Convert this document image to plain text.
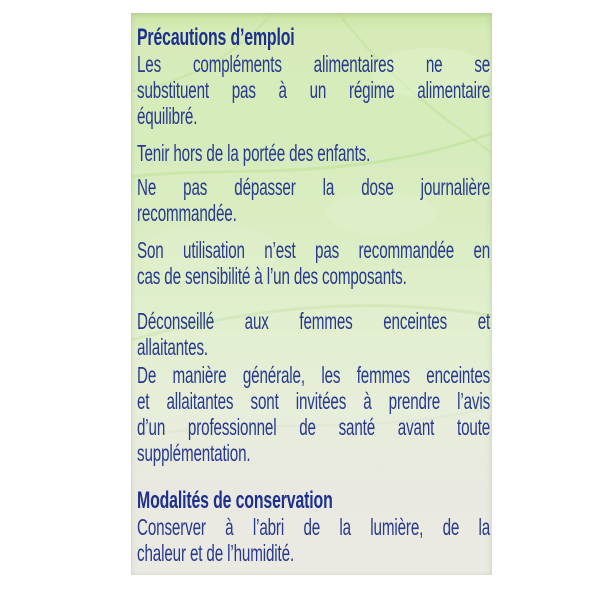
Précautions d’emploi
Les compléments alimentaires ne se
substituent pas à un régime alimentaire
équilibré.
Tenir hors de la portée des enfants.
Ne pas dépasser la dose journalière
recommandée.
Son utilisation n’est pas recommandée en
cas de sensibilité à l’un des composants.
Déconseillé aux femmes enceintes et
allaitantes.
De manière générale, les femmes enceintes
et allaitantes sont invitées à prendre l’avis
d’un professionnel de santé avant toute
supplémentation.
Modalités de conservation
Conserver à l’abri de la lumière, de la
chaleur et de l’humidité.
